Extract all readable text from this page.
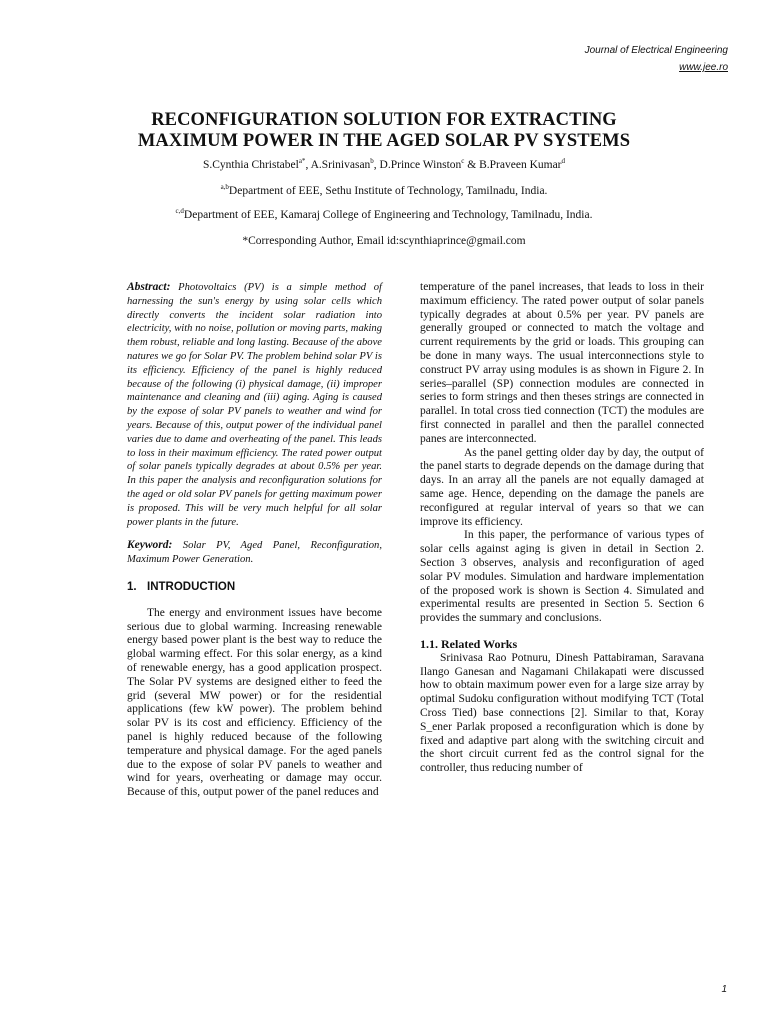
Journal of Electrical Engineering
www.jee.ro
RECONFIGURATION SOLUTION FOR EXTRACTING
MAXIMUM POWER IN THE AGED SOLAR PV SYSTEMS
S.Cynthia Christabel$^{a*}$, A.Srinivasan$^b$, D.Prince Winston$^c$ & B.Praveen Kumar$^d$
$^{a,b}$Department of EEE, Sethu Institute of Technology, Tamilnadu, India.
$^{c,d}$Department of EEE, Kamaraj College of Engineering and Technology, Tamilnadu, India.
*Corresponding Author, Email id:scynthiaprince@gmail.com

Abstract: Photovoltaics (PV) is a simple method of harnessing the sun's energy by using solar cells which directly converts the incident solar radiation into electricity, with no noise, pollution or moving parts, making them robust, reliable and long lasting. Because of the above natures we go for Solar PV. The problem behind solar PV is its efficiency. Efficiency of the panel is highly reduced because of the following (i) physical damage, (ii) improper maintenance and cleaning and (iii) aging. Aging is caused by the expose of solar PV panels to weather and wind for years. Because of this, output power of the individual panel varies due to dame and overheating of the panel. This leads to loss in their maximum efficiency. The rated power output of solar panels typically degrades at about 0.5% per year. In this paper the analysis and reconfiguration solutions for the aged or old solar PV panels for getting maximum power is proposed. This will be very much helpful for all solar power plants in the future.

Keyword: Solar PV, Aged Panel, Reconfiguration, Maximum Power Generation.

1. INTRODUCTION

The energy and environment issues have become serious due to global warming. Increasing renewable energy based power plant is the best way to reduce the global warming effect. For this solar energy, as a kind of renewable energy, has a good application prospect. The Solar PV systems are designed either to feed the grid (several MW power) or for the residential applications (few kW power). The problem behind solar PV is its cost and efficiency. Efficiency of the panel is highly reduced because of the following temperature and physical damage. For the aged panels due to the expose of solar PV panels to weather and wind for years, overheating or damage may occur. Because of this, output power of the panel reduces and

temperature of the panel increases, that leads to loss in their maximum efficiency. The rated power output of solar panels typically degrades at about 0.5% per year. PV panels are generally grouped or connected to match the voltage and current requirements by the grid or loads. This grouping can be done in many ways. The usual interconnections style to construct PV array using modules is as shown in Figure 2. In series–parallel (SP) connection modules are connected in series to form strings and then theses strings are connected in parallel. In total cross tied connection (TCT) the modules are first connected in parallel and then the parallel connected panes are interconnected.

As the panel getting older day by day, the output of the panel starts to degrade depends on the damage during that days. In an array all the panels are not equally damaged at same age. Hence, depending on the damage the panels are reconfigured at regular interval of years so that we can improve its efficiency.

In this paper, the performance of various types of solar cells against aging is given in detail in Section 2. Section 3 observes, analysis and reconfiguration of aged solar PV modules. Simulation and hardware implementation of the proposed work is shown is Section 4. Simulated and experimental results are presented in Section 5. Section 6 provides the summary and conclusions.

1.1. Related Works

Srinivasa Rao Potnuru, Dinesh Pattabiraman, Saravana Ilango Ganesan and Nagamani Chilakapati were discussed how to obtain maximum power even for a large size array by optimal Sudoku configuration without modifying TCT (Total Cross Tied) base connections [2]. Similar to that, Koray S_ener Parlak proposed a reconfiguration which is done by fixed and adaptive part along with the switching circuit and the short circuit current fed as the control signal for the controller, thus reducing number of

1
